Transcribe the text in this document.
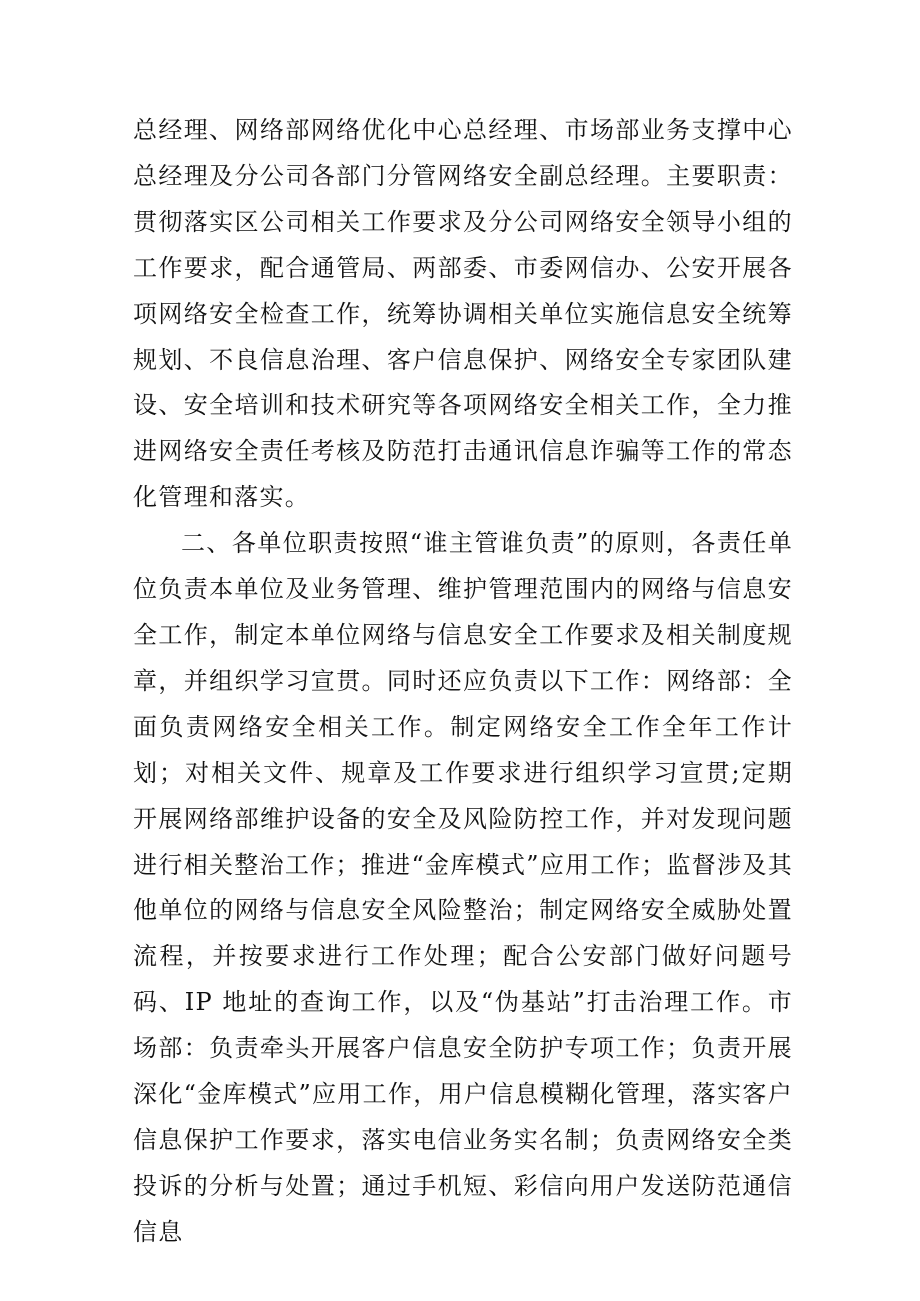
总经理、网络部网络优化中心总经理、市场部业务支撑中心总经理及分公司各部门分管网络安全副总经理。主要职责：贯彻落实区公司相关工作要求及分公司网络安全领导小组的工作要求，配合通管局、两部委、市委网信办、公安开展各项网络安全检查工作，统筹协调相关单位实施信息安全统筹规划、不良信息治理、客户信息保护、网络安全专家团队建设、安全培训和技术研究等各项网络安全相关工作，全力推进网络安全责任考核及防范打击通讯信息诈骗等工作的常态化管理和落实。

二、各单位职责按照“谁主管谁负责”的原则，各责任单位负责本单位及业务管理、维护管理范围内的网络与信息安全工作，制定本单位网络与信息安全工作要求及相关制度规章，并组织学习宣贯。同时还应负责以下工作：网络部：全面负责网络安全相关工作。制定网络安全工作全年工作计划；对相关文件、规章及工作要求进行组织学习宣贯;定期开展网络部维护设备的安全及风险防控工作，并对发现问题进行相关整治工作；推进“金库模式”应用工作；监督涉及其他单位的网络与信息安全风险整治；制定网络安全威胁处置流程，并按要求进行工作处理；配合公安部门做好问题号码、IP 地址的查询工作，以及“伪基站”打击治理工作。市场部：负责牵头开展客户信息安全防护专项工作；负责开展深化“金库模式”应用工作，用户信息模糊化管理，落实客户信息保护工作要求，落实电信业务实名制；负责网络安全类投诉的分析与处置；通过手机短、彩信向用户发送防范通信信息
